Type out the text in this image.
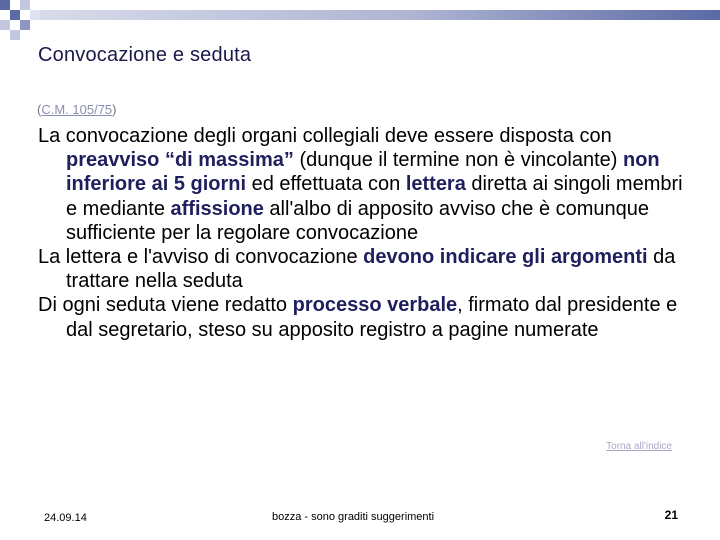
Convocazione e seduta
(C.M. 105/75)

La convocazione degli organi collegiali deve essere disposta con preavviso “di massima” (dunque il termine non è vincolante) non inferiore ai 5 giorni ed effettuata con lettera diretta ai singoli membri e mediante affissione all'albo di apposito avviso che è comunque sufficiente per la regolare convocazione

La lettera e l'avviso di convocazione devono indicare gli argomenti da trattare nella seduta

Di ogni seduta viene redatto processo verbale, firmato dal presidente e dal segretario, steso su apposito registro a pagine numerate

Torna all'indice
24.09.14	bozza - sono graditi suggerimenti	21
